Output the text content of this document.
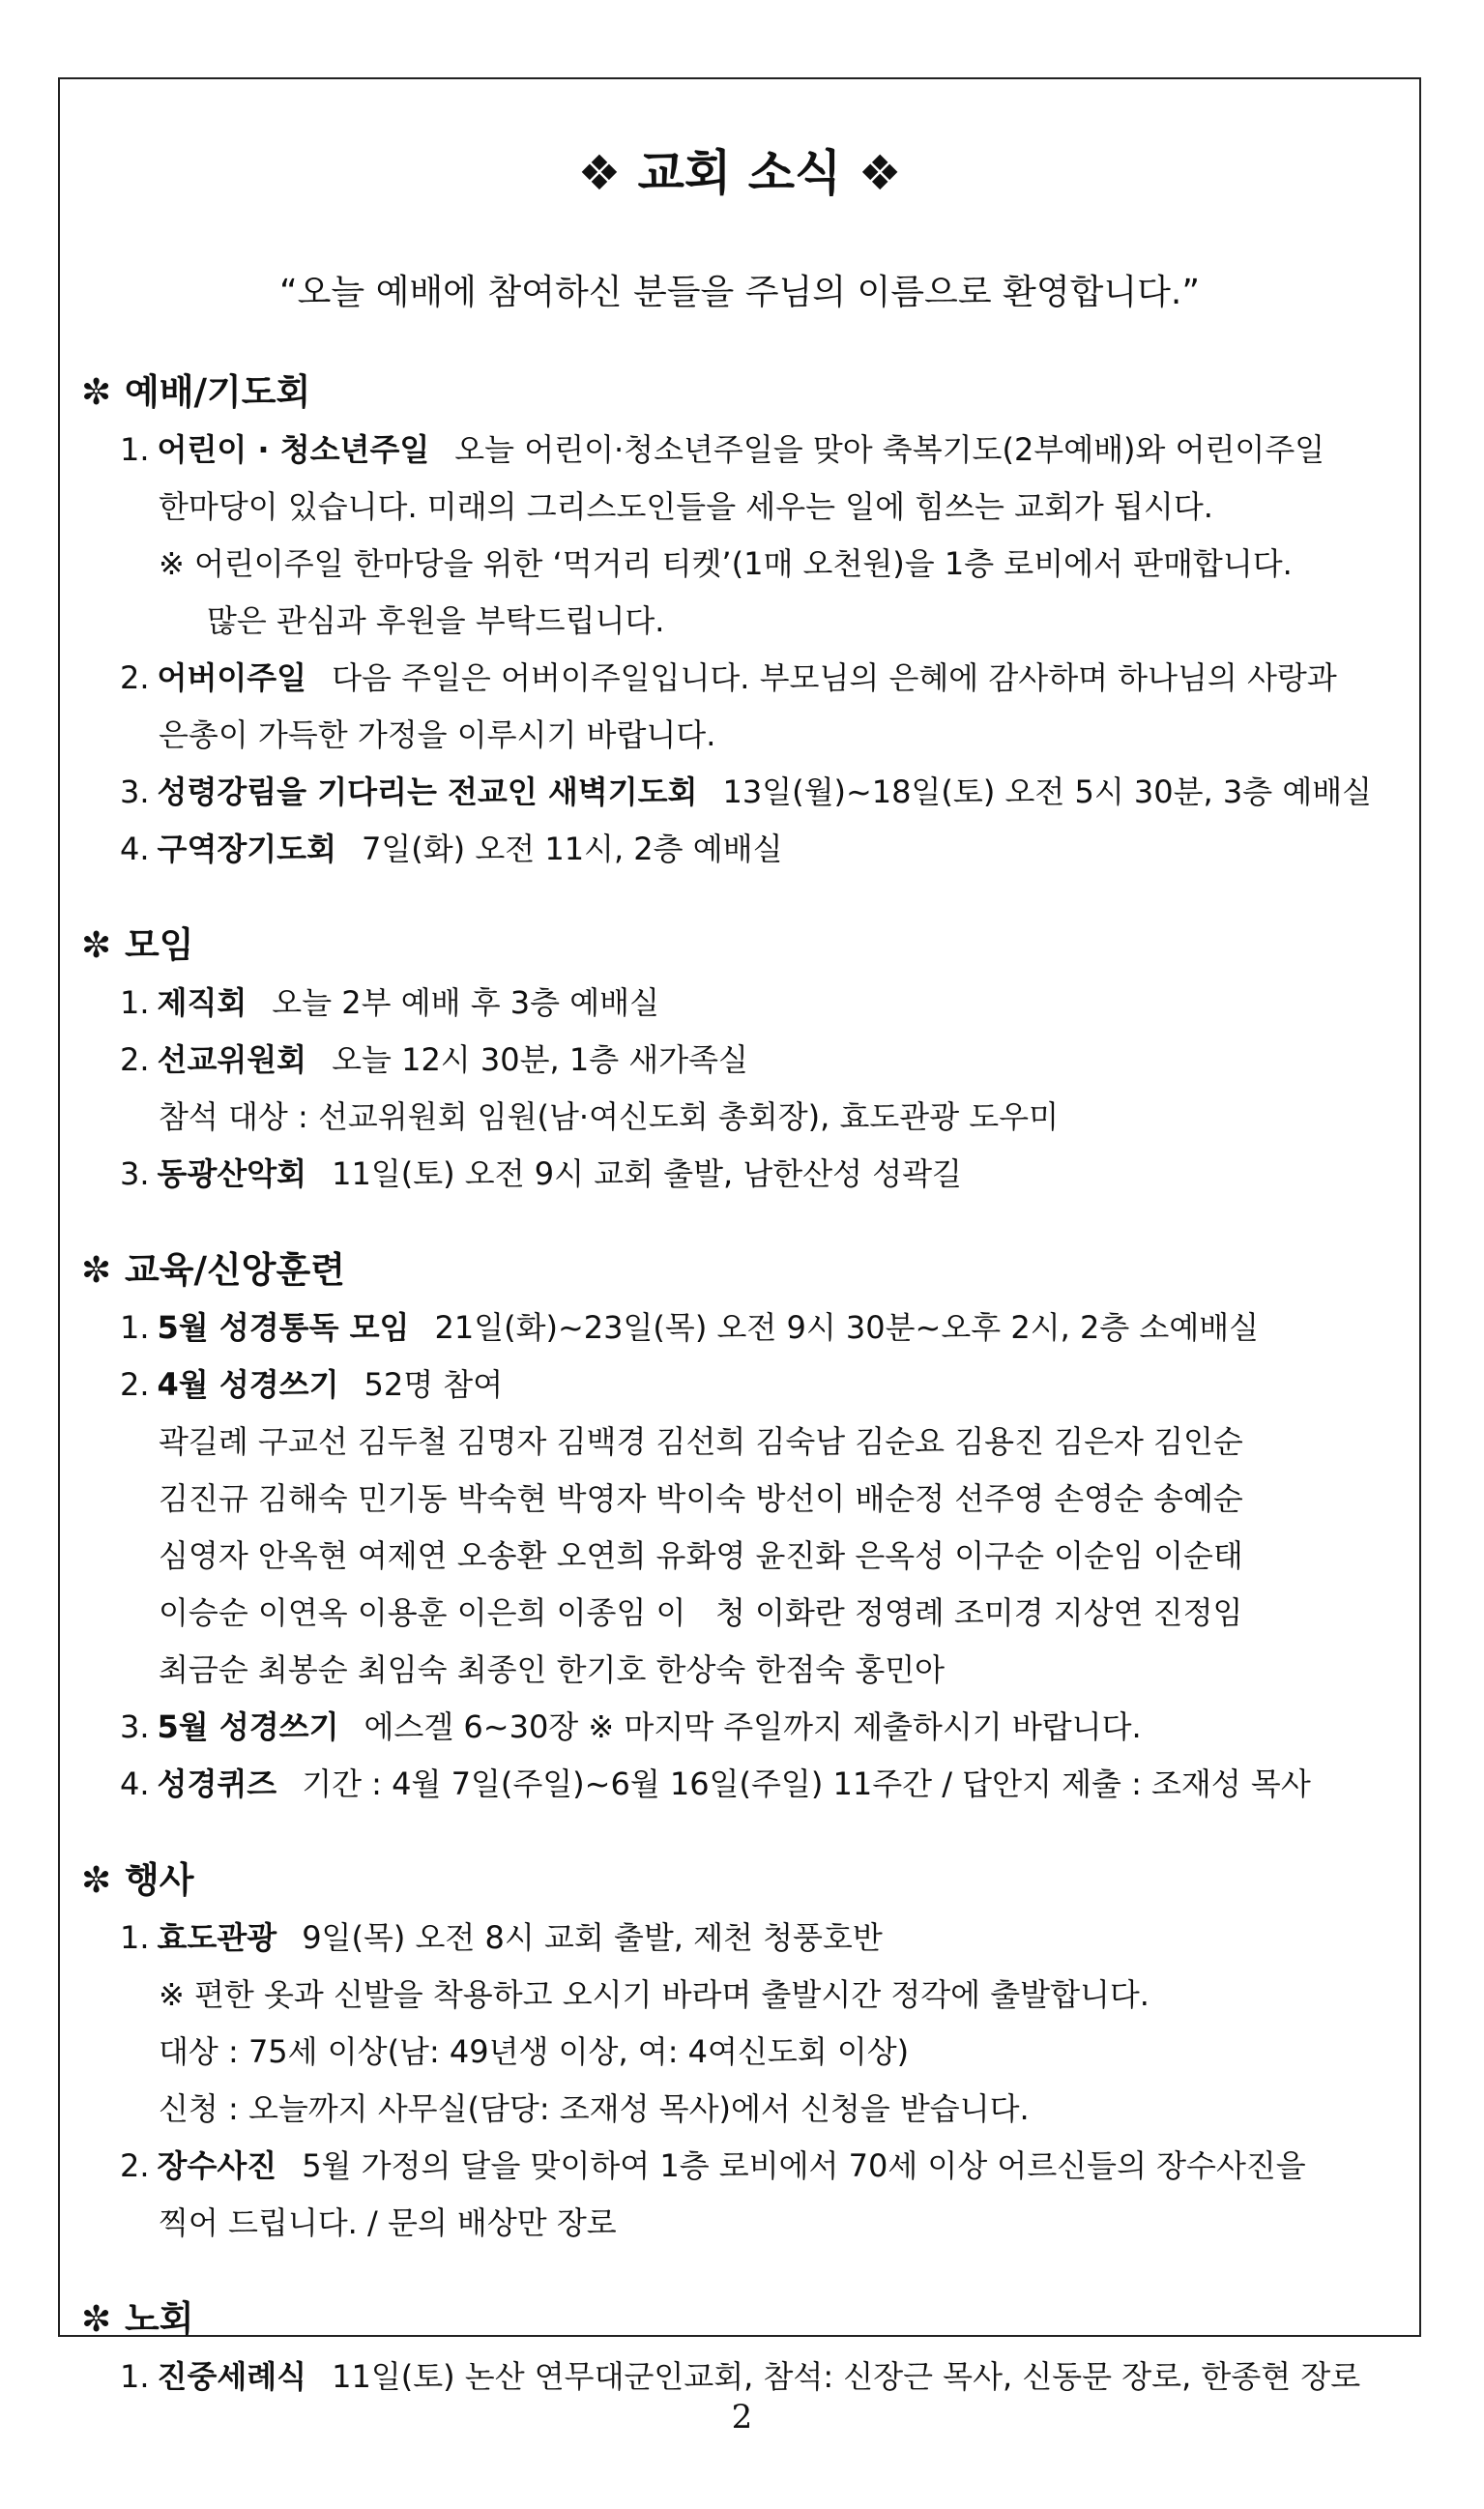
❖ 교회 소식 ❖
“오늘 예배에 참여하신 분들을 주님의 이름으로 환영합니다.”
✼ 예배/기도회
1. 어린이 · 청소년주일 오늘 어린이·청소년주일을 맞아 축복기도(2부예배)와 어린이주일
한마당이 있습니다. 미래의 그리스도인들을 세우는 일에 힘쓰는 교회가 됩시다.
※ 어린이주일 한마당을 위한 ‘먹거리 티켓’(1매 오천원)을 1층 로비에서 판매합니다.
많은 관심과 후원을 부탁드립니다.
2. 어버이주일 다음 주일은 어버이주일입니다. 부모님의 은혜에 감사하며 하나님의 사랑과
은총이 가득한 가정을 이루시기 바랍니다.
3. 성령강림을 기다리는 전교인 새벽기도회 13일(월)~18일(토) 오전 5시 30분, 3층 예배실
4. 구역장기도회 7일(화) 오전 11시, 2층 예배실
✼ 모임
1. 제직회 오늘 2부 예배 후 3층 예배실
2. 선교위원회 오늘 12시 30분, 1층 새가족실
참석 대상 : 선교위원회 임원(남·여신도회 총회장), 효도관광 도우미
3. 동광산악회 11일(토) 오전 9시 교회 출발, 남한산성 성곽길
✼ 교육/신앙훈련
1. 5월 성경통독 모임 21일(화)~23일(목) 오전 9시 30분~오후 2시, 2층 소예배실
2. 4월 성경쓰기 52명 참여
곽길례 구교선 김두철 김명자 김백경 김선희 김숙남 김순요 김용진 김은자 김인순
김진규 김해숙 민기동 박숙현 박영자 박이숙 방선이 배순정 선주영 손영순 송예순
심영자 안옥현 여제연 오송환 오연희 유화영 윤진화 은옥성 이구순 이순임 이순태
이승순 이연옥 이용훈 이은희 이종임 이   청 이화란 정영례 조미경 지상연 진정임
최금순 최봉순 최임숙 최종인 한기호 한상숙 한점숙 홍민아
3. 5월 성경쓰기 에스겔 6~30장 ※ 마지막 주일까지 제출하시기 바랍니다.
4. 성경퀴즈 기간 : 4월 7일(주일)~6월 16일(주일) 11주간 / 답안지 제출 : 조재성 목사
✼ 행사
1. 효도관광 9일(목) 오전 8시 교회 출발, 제천 청풍호반
※ 편한 옷과 신발을 착용하고 오시기 바라며 출발시간 정각에 출발합니다.
대상 : 75세 이상(남: 49년생 이상, 여: 4여신도회 이상)
신청 : 오늘까지 사무실(담당: 조재성 목사)에서 신청을 받습니다.
2. 장수사진 5월 가정의 달을 맞이하여 1층 로비에서 70세 이상 어르신들의 장수사진을
찍어 드립니다. / 문의 배상만 장로
✼ 노회
1. 진중세례식 11일(토) 논산 연무대군인교회, 참석: 신장근 목사, 신동문 장로, 한종현 장로
2
